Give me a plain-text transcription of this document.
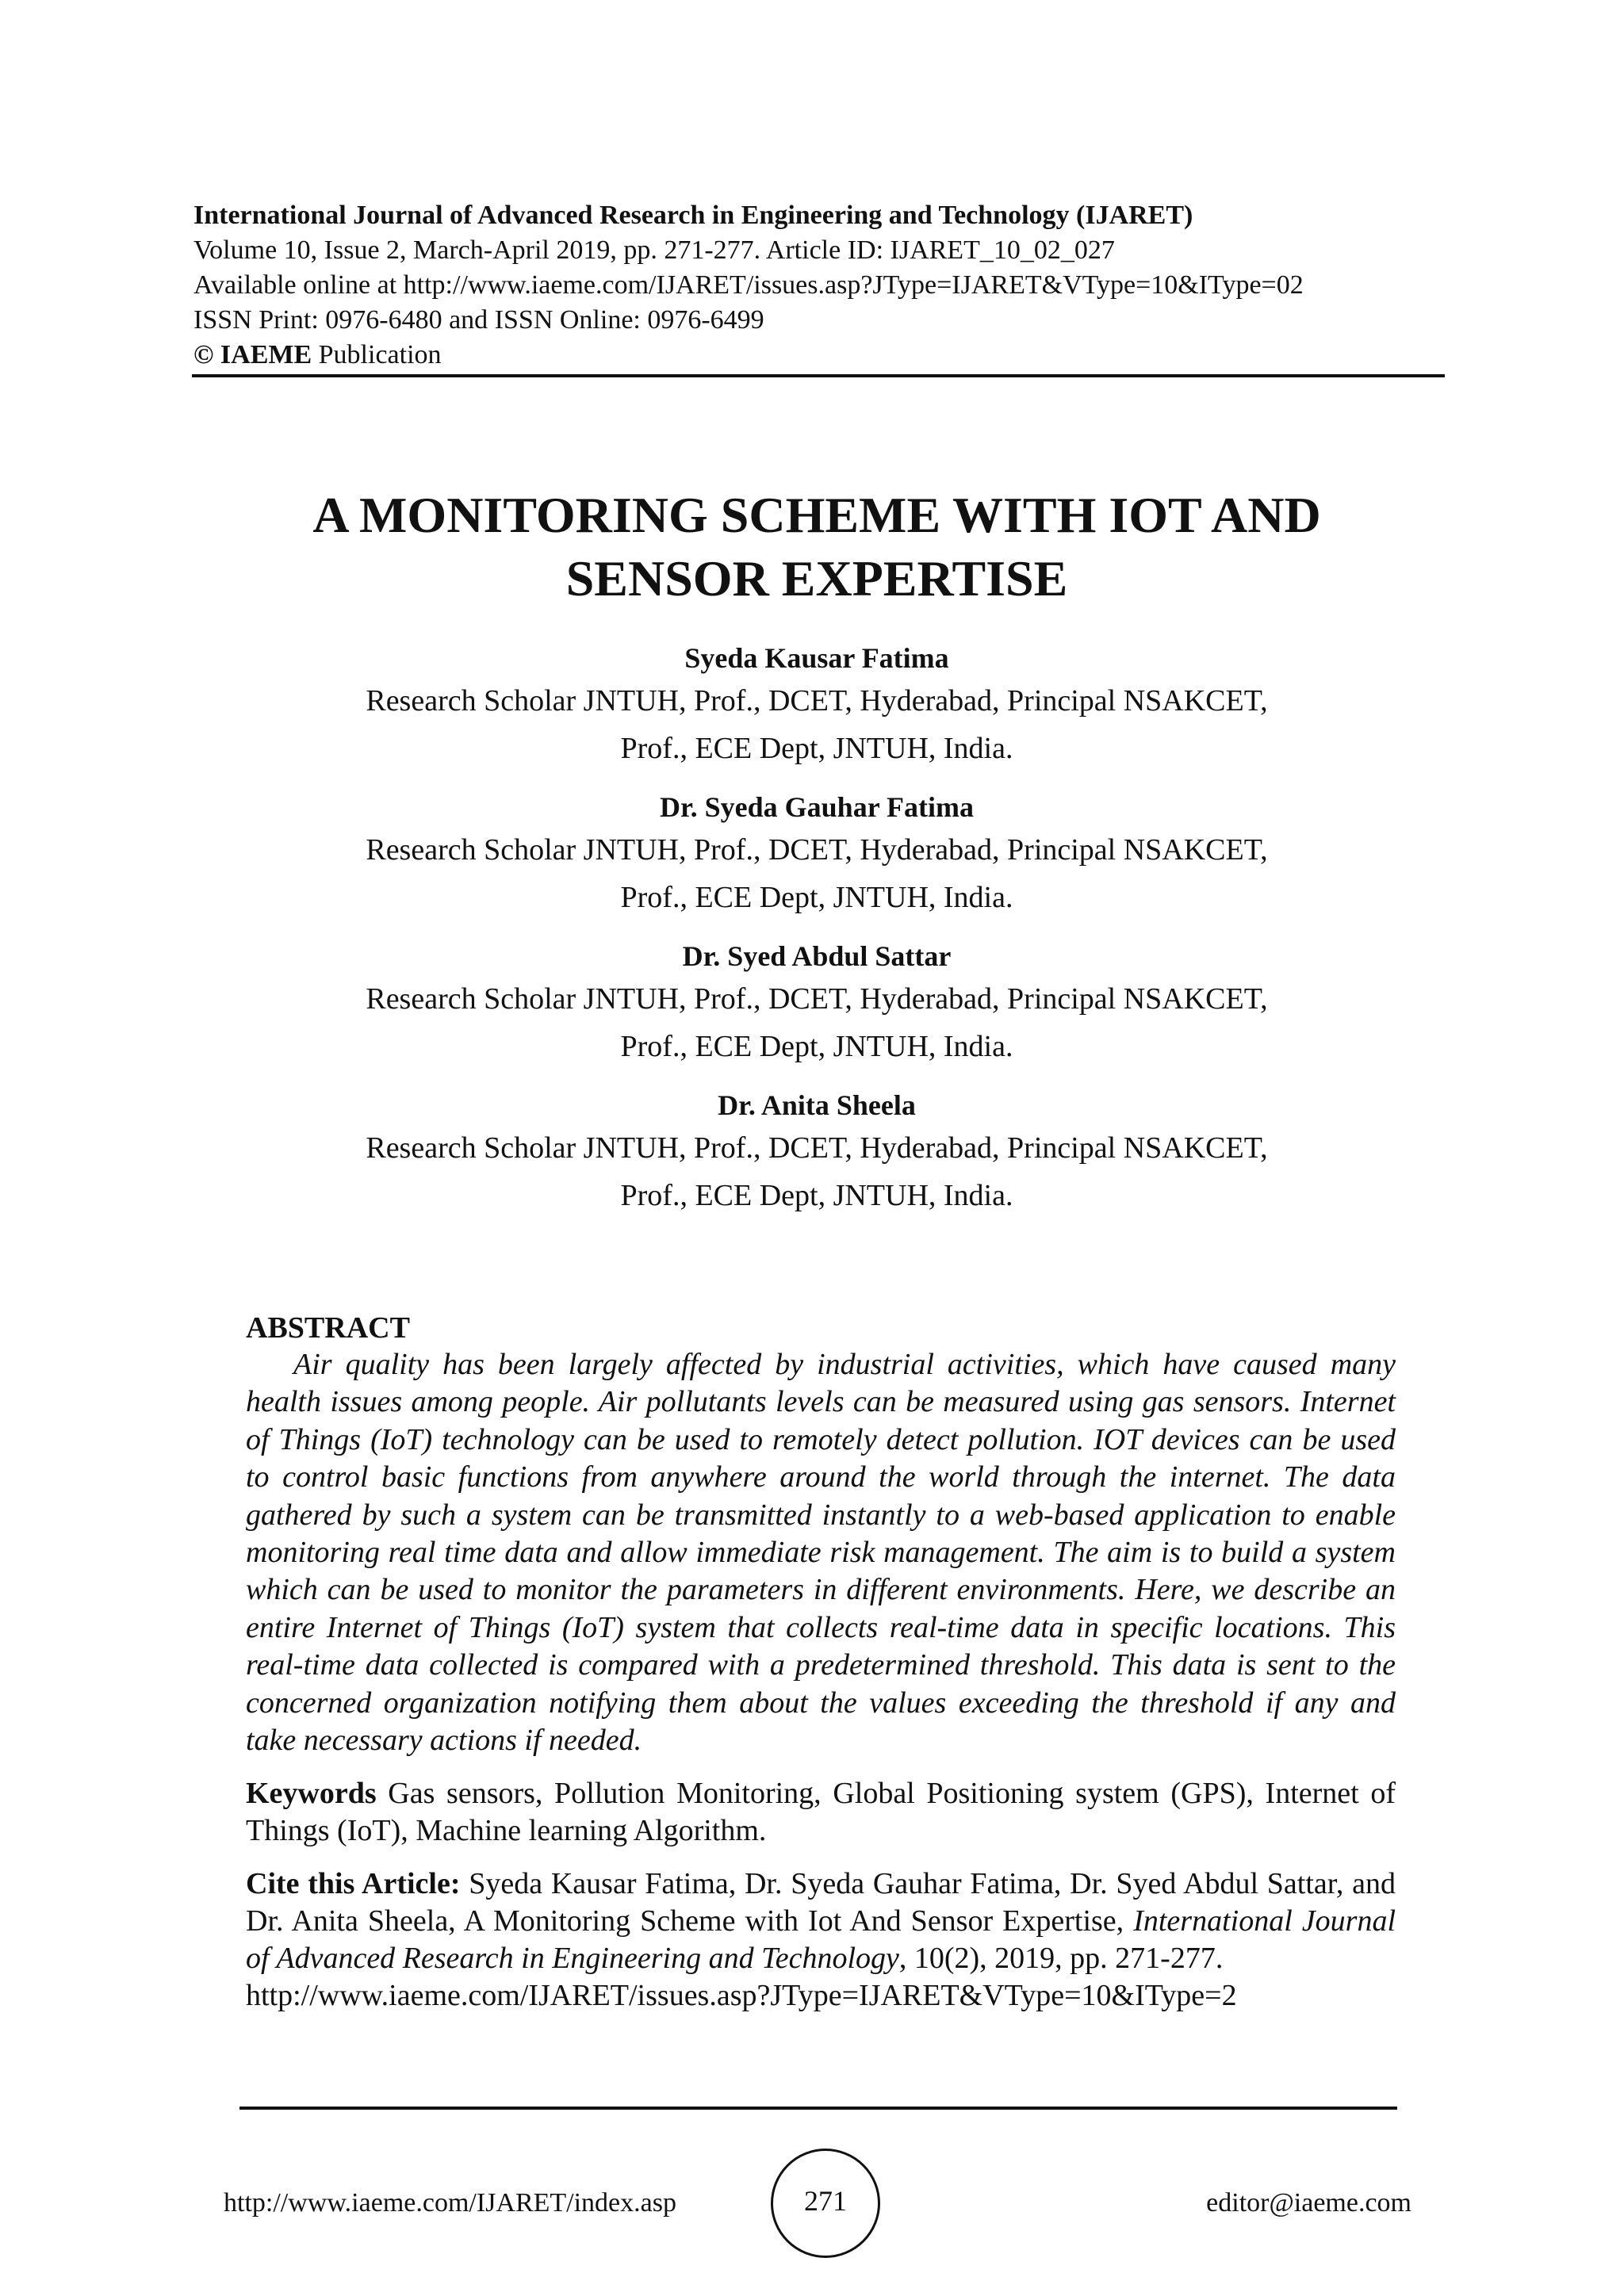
International Journal of Advanced Research in Engineering and Technology (IJARET)
Volume 10, Issue 2, March-April 2019, pp. 271-277. Article ID: IJARET_10_02_027
Available online at http://www.iaeme.com/IJARET/issues.asp?JType=IJARET&VType=10&IType=02
ISSN Print: 0976-6480 and ISSN Online: 0976-6499
© IAEME Publication
A MONITORING SCHEME WITH IOT AND
SENSOR EXPERTISE
Syeda Kausar Fatima
Research Scholar JNTUH, Prof., DCET, Hyderabad, Principal NSAKCET,
Prof., ECE Dept, JNTUH, India.
Dr. Syeda Gauhar Fatima
Research Scholar JNTUH, Prof., DCET, Hyderabad, Principal NSAKCET,
Prof., ECE Dept, JNTUH, India.
Dr. Syed Abdul Sattar
Research Scholar JNTUH, Prof., DCET, Hyderabad, Principal NSAKCET,
Prof., ECE Dept, JNTUH, India.
Dr. Anita Sheela
Research Scholar JNTUH, Prof., DCET, Hyderabad, Principal NSAKCET,
Prof., ECE Dept, JNTUH, India.
ABSTRACT

Air quality has been largely affected by industrial activities, which have caused many health issues among people. Air pollutants levels can be measured using gas sensors. Internet of Things (IoT) technology can be used to remotely detect pollution. IOT devices can be used to control basic functions from anywhere around the world through the internet. The data gathered by such a system can be transmitted instantly to a web-based application to enable monitoring real time data and allow immediate risk management. The aim is to build a system which can be used to monitor the parameters in different environments. Here, we describe an entire Internet of Things (IoT) system that collects real-time data in specific locations. This real-time data collected is compared with a predetermined threshold. This data is sent to the concerned organization notifying them about the values exceeding the threshold if any and take necessary actions if needed.

Keywords Gas sensors, Pollution Monitoring, Global Positioning system (GPS), Internet of Things (IoT), Machine learning Algorithm.
Cite this Article: Syeda Kausar Fatima, Dr. Syeda Gauhar Fatima, Dr. Syed Abdul Sattar, and Dr. Anita Sheela, A Monitoring Scheme with Iot And Sensor Expertise, International Journal of Advanced Research in Engineering and Technology, 10(2), 2019, pp. 271-277.
http://www.iaeme.com/IJARET/issues.asp?JType=IJARET&VType=10&IType=2
http://www.iaeme.com/IJARET/index.asp	271	editor@iaeme.com
